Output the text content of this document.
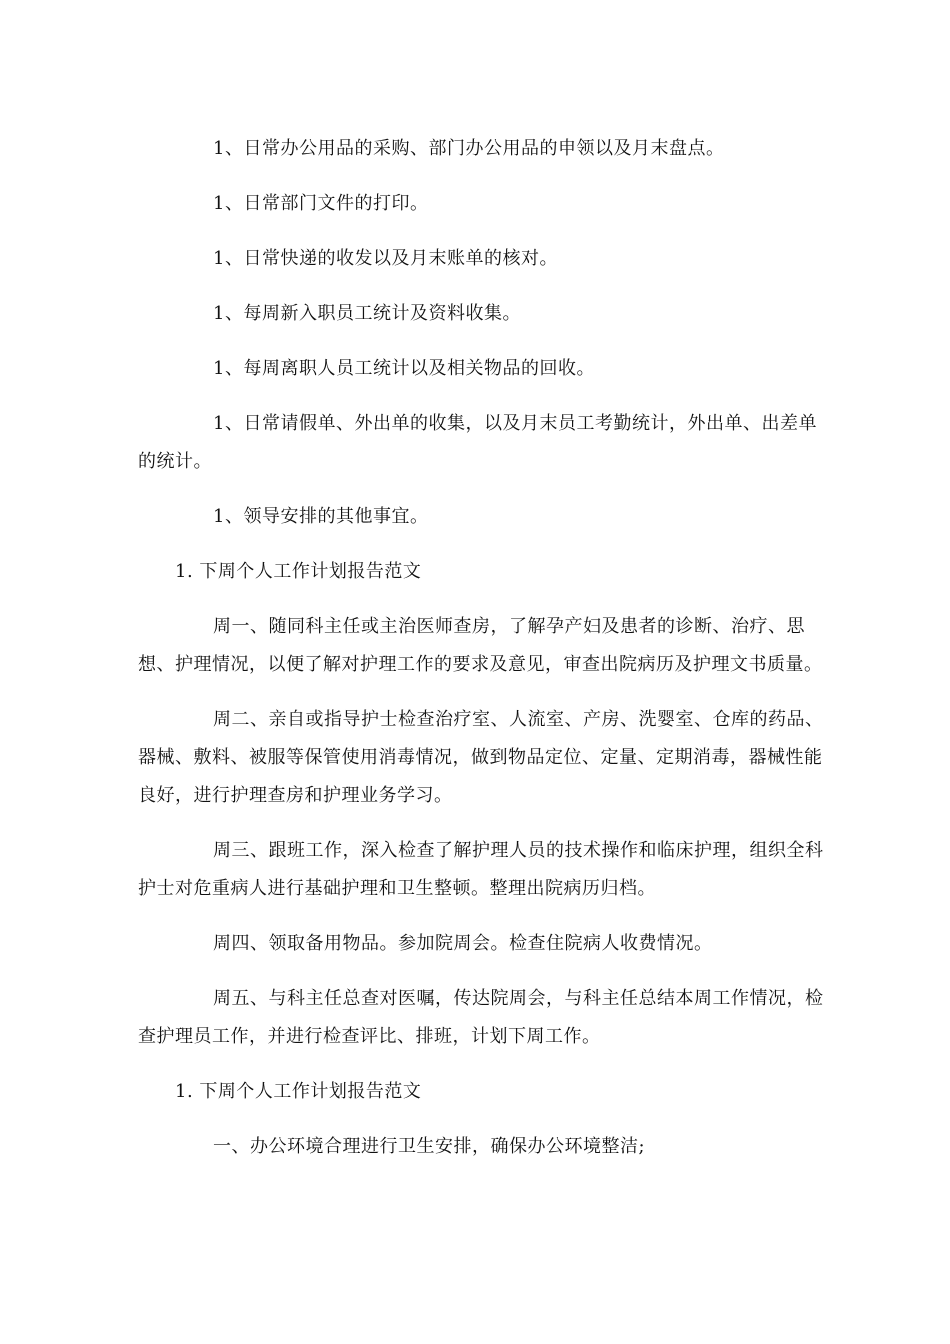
1、日常办公用品的采购、部门办公用品的申领以及月末盘点。

1、日常部门文件的打印。

1、日常快递的收发以及月末账单的核对。

1、每周新入职员工统计及资料收集。

1、每周离职人员工统计以及相关物品的回收。

1、日常请假单、外出单的收集，以及月末员工考勤统计，外出单、出差单的统计。

1、领导安排的其他事宜。

1. 下周个人工作计划报告范文

周一、随同科主任或主治医师查房，了解孕产妇及患者的诊断、治疗、思想、护理情况，以便了解对护理工作的要求及意见，审查出院病历及护理文书质量。

周二、亲自或指导护士检查治疗室、人流室、产房、洗婴室、仓库的药品、器械、敷料、被服等保管使用消毒情况，做到物品定位、定量、定期消毒，器械性能良好，进行护理查房和护理业务学习。

周三、跟班工作，深入检查了解护理人员的技术操作和临床护理，组织全科护士对危重病人进行基础护理和卫生整顿。整理出院病历归档。

周四、领取备用物品。参加院周会。检查住院病人收费情况。

周五、与科主任总查对医嘱，传达院周会，与科主任总结本周工作情况，检查护理员工作，并进行检查评比、排班，计划下周工作。

1. 下周个人工作计划报告范文

一、办公环境合理进行卫生安排，确保办公环境整洁;
